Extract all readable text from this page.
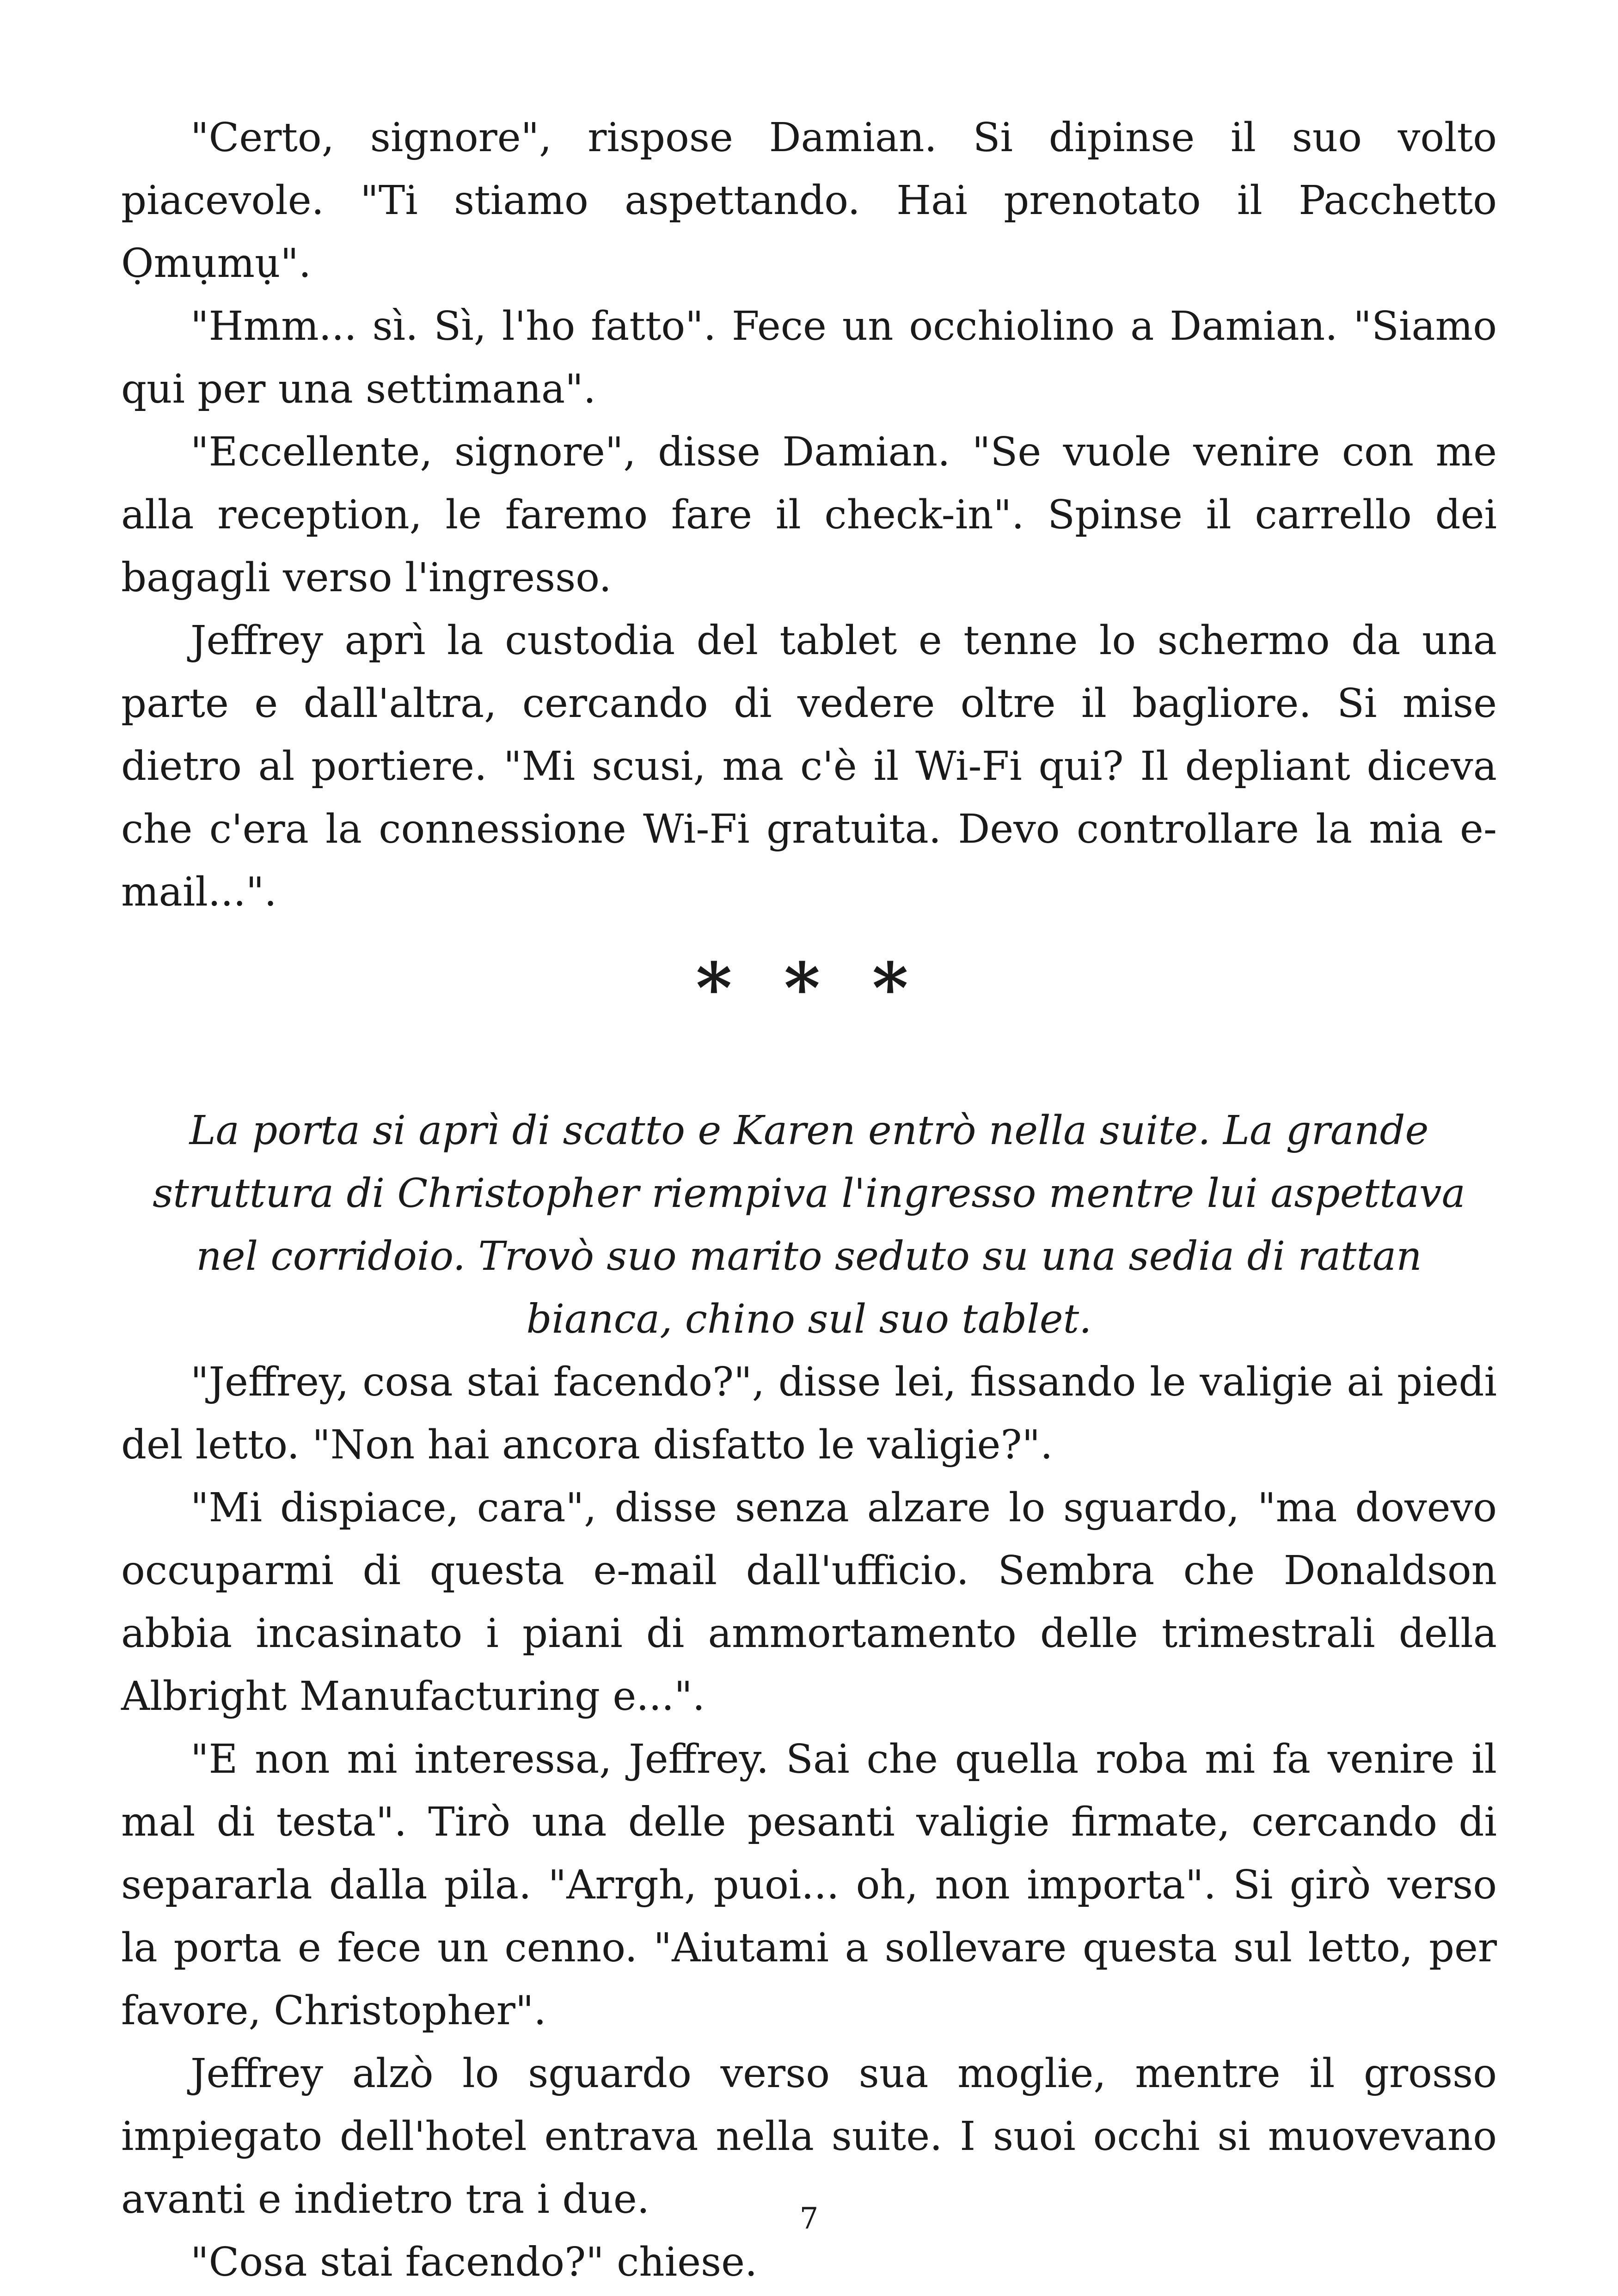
"Certo, signore", rispose Damian. Si dipinse il suo volto piacevole. "Ti stiamo aspettando. Hai prenotato il Pacchetto Ọmụmụ".

"Hmm... sì. Sì, l'ho fatto". Fece un occhiolino a Damian. "Siamo qui per una settimana".

"Eccellente, signore", disse Damian. "Se vuole venire con me alla reception, le faremo fare il check-in". Spinse il carrello dei bagagli verso l'ingresso.

Jeffrey aprì la custodia del tablet e tenne lo schermo da una parte e dall'altra, cercando di vedere oltre il bagliore. Si mise dietro al portiere. "Mi scusi, ma c'è il Wi-Fi qui? Il depliant diceva che c'era la connessione Wi-Fi gratuita. Devo controllare la mia e-mail...".

* * *

La porta si aprì di scatto e Karen entrò nella suite. La grande struttura di Christopher riempiva l'ingresso mentre lui aspettava nel corridoio. Trovò suo marito seduto su una sedia di rattan bianca, chino sul suo tablet.

"Jeffrey, cosa stai facendo?", disse lei, fissando le valigie ai piedi del letto. "Non hai ancora disfatto le valigie?".

"Mi dispiace, cara", disse senza alzare lo sguardo, "ma dovevo occuparmi di questa e-mail dall'ufficio. Sembra che Donaldson abbia incasinato i piani di ammortamento delle trimestrali della Albright Manufacturing e...".

"E non mi interessa, Jeffrey. Sai che quella roba mi fa venire il mal di testa". Tirò una delle pesanti valigie firmate, cercando di separarla dalla pila. "Arrgh, puoi... oh, non importa". Si girò verso la porta e fece un cenno. "Aiutami a sollevare questa sul letto, per favore, Christopher".

Jeffrey alzò lo sguardo verso sua moglie, mentre il grosso impiegato dell'hotel entrava nella suite. I suoi occhi si muovevano avanti e indietro tra i due.

"Cosa stai facendo?" chiese.

7
